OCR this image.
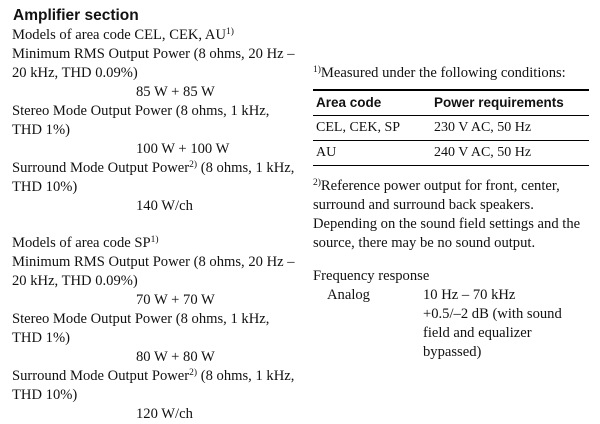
Amplifier section
Models of area code CEL, CEK, AU$^{1)}$
Minimum RMS Output Power (8 ohms, 20 Hz –
20 kHz, THD 0.09%)
85 W + 85 W
Stereo Mode Output Power (8 ohms, 1 kHz,
THD 1%)
100 W + 100 W
Surround Mode Output Power$^{2)}$ (8 ohms, 1 kHz,
THD 10%)
140 W/ch
Models of area code SP$^{1)}$
Minimum RMS Output Power (8 ohms, 20 Hz –
20 kHz, THD 0.09%)
70 W + 70 W
Stereo Mode Output Power (8 ohms, 1 kHz,
THD 1%)
80 W + 80 W
Surround Mode Output Power$^{2)}$ (8 ohms, 1 kHz,
THD 10%)
120 W/ch
$^{1)}$Measured under the following conditions:
Area code	Power requirements
CEL, CEK, SP	230 V AC, 50 Hz
AU	240 V AC, 50 Hz
$^{2)}$Reference power output for front, center, surround and surround back speakers. Depending on the sound field settings and the source, there may be no sound output.
Frequency response
Analog	10 Hz – 70 kHz
+0.5/–2 dB (with sound
field and equalizer
bypassed)
